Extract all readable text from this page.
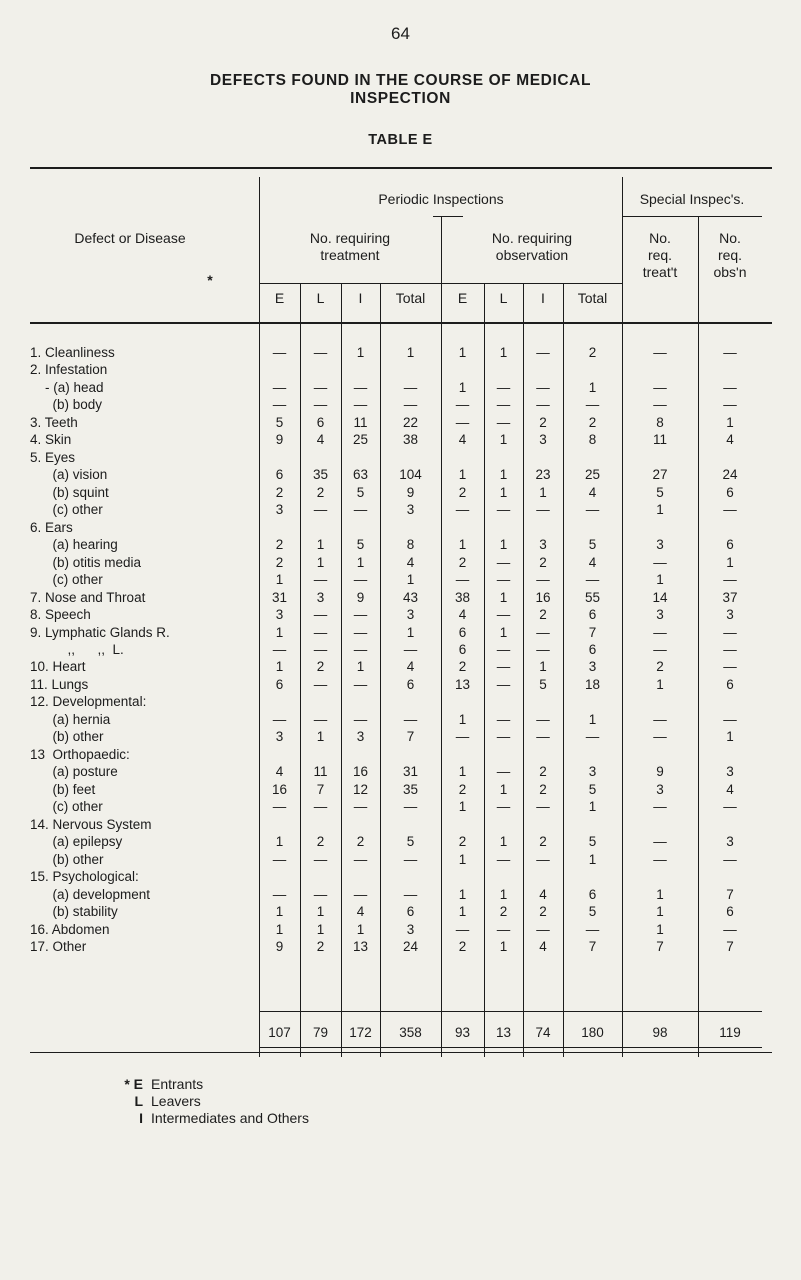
64
DEFECTS FOUND IN THE COURSE OF MEDICAL
INSPECTION
TABLE E
Defect or Disease
*
Periodic Inspections	Special Inspec's.
No. requiring
treatment
No. requiring
observation
No.
req.
treat't
No.
req.
obs'n
E	L	I	Total	E	L	I	Total
1. Cleanliness	—	—	1	1	1	1	—	2	—	—
2. Infestation
- (a) head	—	—	—	—	1	—	—	1	—	—
(b) body	—	—	—	—	—	—	—	—	—	—
3. Teeth	5	6	11	22	—	—	2	2	8	1
4. Skin	9	4	25	38	4	1	3	8	11	4
5. Eyes
(a) vision	6	35	63	104	1	1	23	25	27	24
(b) squint	2	2	5	9	2	1	1	4	5	6
(c) other	3	—	—	3	—	—	—	—	1	—
6. Ears
(a) hearing	2	1	5	8	1	1	3	5	3	6
(b) otitis media	2	1	1	4	2	—	2	4	—	1
(c) other	1	—	—	1	—	—	—	—	1	—
7. Nose and Throat	31	3	9	43	38	1	16	55	14	37
8. Speech	3	—	—	3	4	—	2	6	3	3
9. Lymphatic Glands R.	1	—	—	1	6	1	—	7	—	—
,,      ,,  L.	—	—	—	—	6	—	—	6	—	—
10. Heart	1	2	1	4	2	—	1	3	2	—
11. Lungs	6	—	—	6	13	—	5	18	1	6
12. Developmental:
(a) hernia	—	—	—	—	1	—	—	1	—	—
(b) other	3	1	3	7	—	—	—	—	—	1
13  Orthopaedic:
(a) posture	4	11	16	31	1	—	2	3	9	3
(b) feet	16	7	12	35	2	1	2	5	3	4
(c) other	—	—	—	—	1	—	—	1	—	—
14. Nervous System
(a) epilepsy	1	2	2	5	2	1	2	5	—	3
(b) other	—	—	—	—	1	—	—	1	—	—
15. Psychological:
(a) development	—	—	—	—	1	1	4	6	1	7
(b) stability	1	1	4	6	1	2	2	5	1	6
16. Abdomen	1	1	1	3	—	—	—	—	1	—
17. Other	9	2	13	24	2	1	4	7	7	7
107	79	172	358	93	13	74	180	98	119
* E Entrants
L Leavers
I Intermediates and Others
